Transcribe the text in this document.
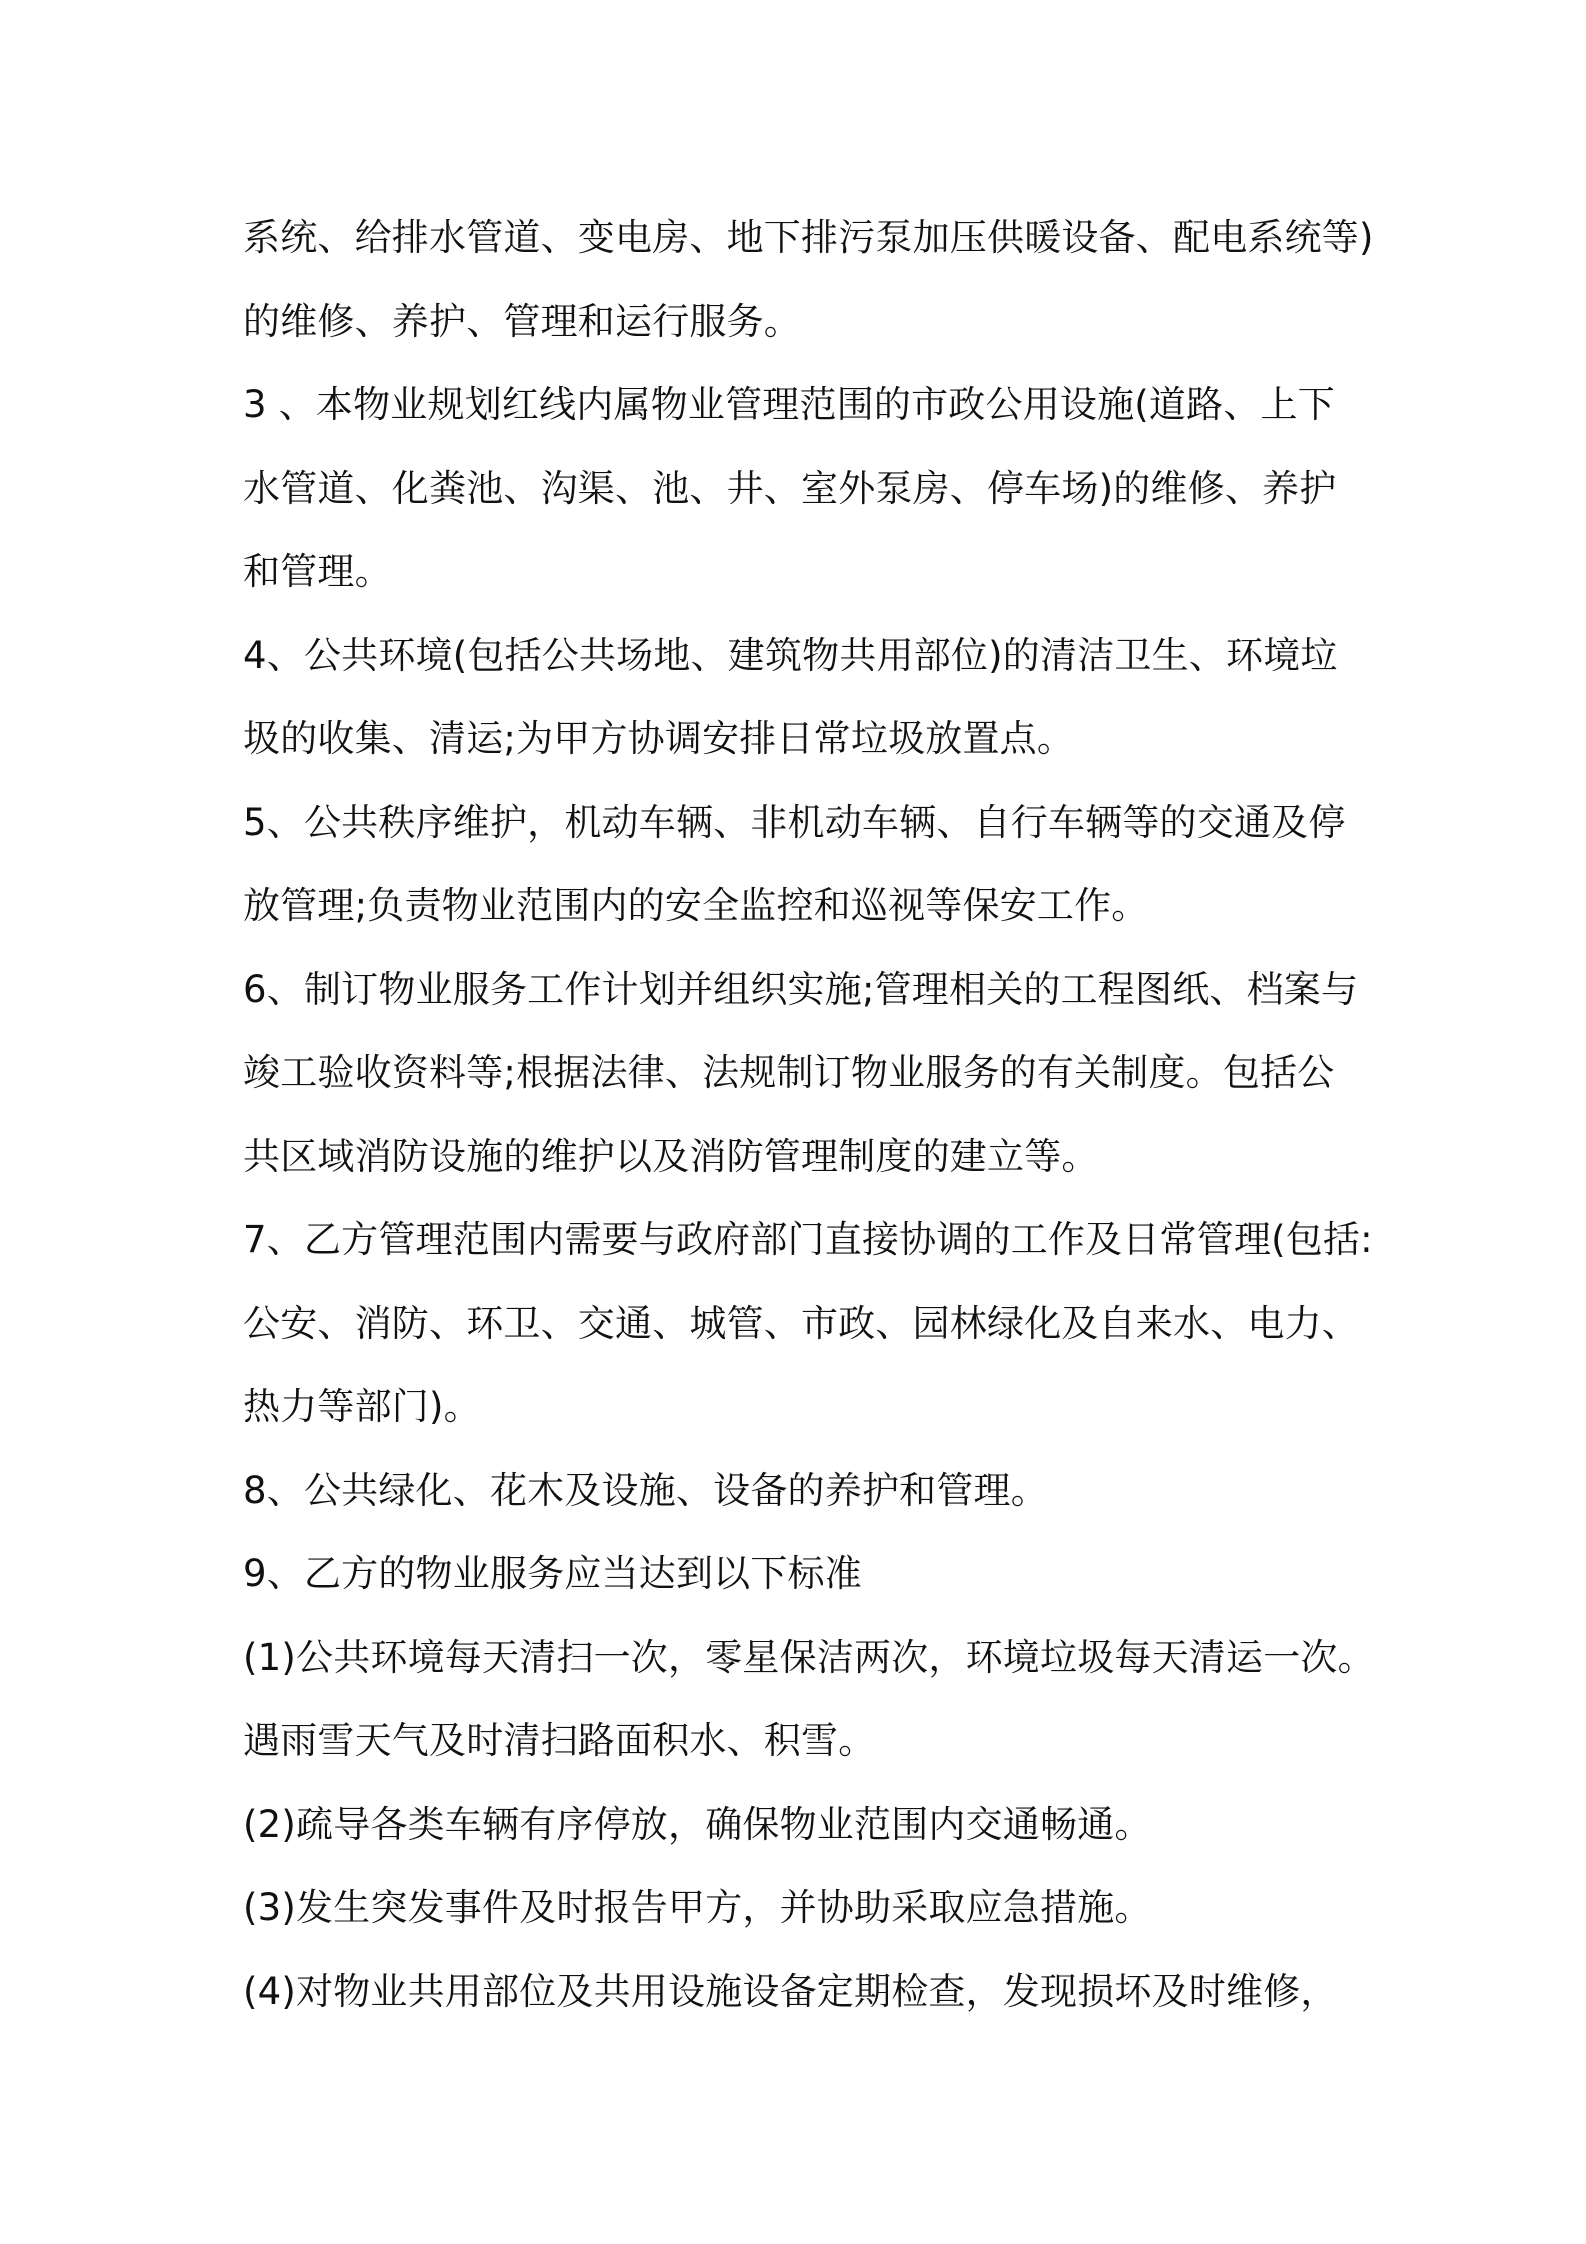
系统、给排水管道、变电房、地下排污泵加压供暖设备、配电系统等)
的维修、养护、管理和运行服务。
3 、本物业规划红线内属物业管理范围的市政公用设施(道路、上下
水管道、化粪池、沟渠、池、井、室外泵房、停车场)的维修、养护
和管理。
4、公共环境(包括公共场地、建筑物共用部位)的清洁卫生、环境垃
圾的收集、清运;为甲方协调安排日常垃圾放置点。
5、公共秩序维护，机动车辆、非机动车辆、自行车辆等的交通及停
放管理;负责物业范围内的安全监控和巡视等保安工作。
6、制订物业服务工作计划并组织实施;管理相关的工程图纸、档案与
竣工验收资料等;根据法律、法规制订物业服务的有关制度。包括公
共区域消防设施的维护以及消防管理制度的建立等。
7、乙方管理范围内需要与政府部门直接协调的工作及日常管理(包括:
公安、消防、环卫、交通、城管、市政、园林绿化及自来水、电力、
热力等部门)。
8、公共绿化、花木及设施、设备的养护和管理。
9、乙方的物业服务应当达到以下标准
(1)公共环境每天清扫一次，零星保洁两次，环境垃圾每天清运一次。
遇雨雪天气及时清扫路面积水、积雪。
(2)疏导各类车辆有序停放，确保物业范围内交通畅通。
(3)发生突发事件及时报告甲方，并协助采取应急措施。
(4)对物业共用部位及共用设施设备定期检查，发现损坏及时维修，
